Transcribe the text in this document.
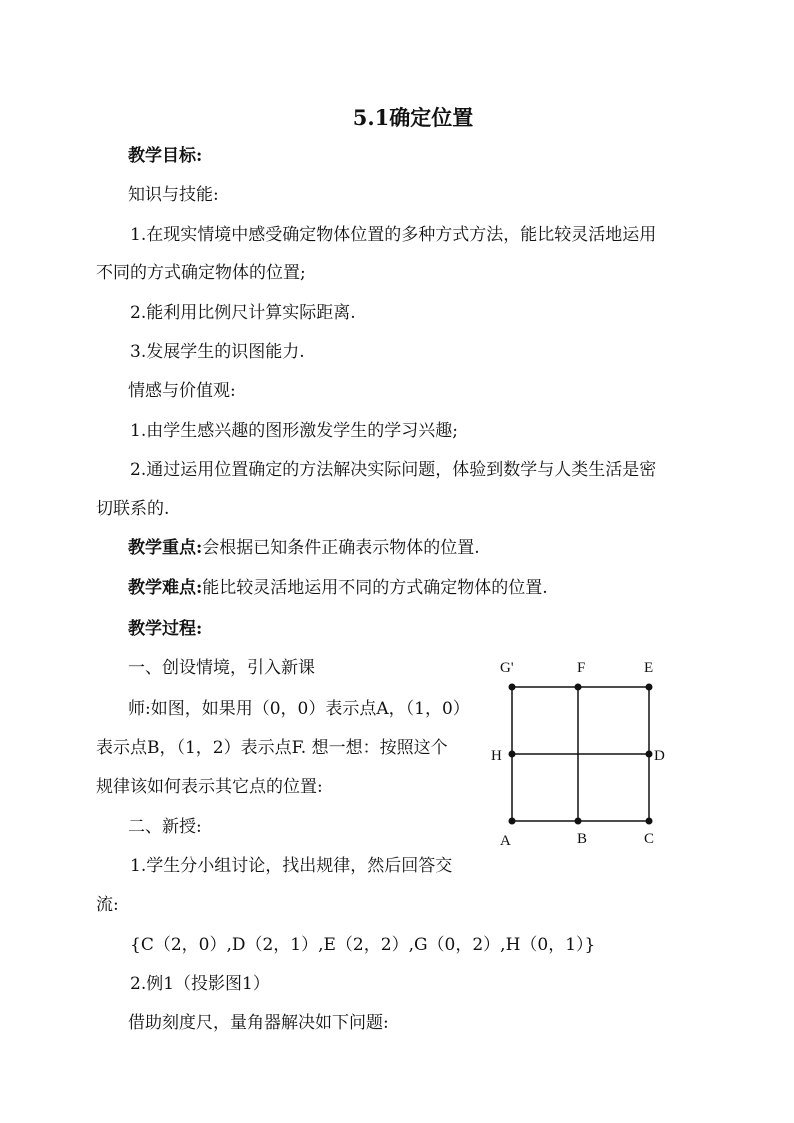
5.1确定位置
教学目标:
知识与技能:
1.在现实情境中感受确定物体位置的多种方式方法，能比较灵活地运用
不同的方式确定物体的位置;
2.能利用比例尺计算实际距离.
3.发展学生的识图能力.
情感与价值观:
1.由学生感兴趣的图形激发学生的学习兴趣;
2.通过运用位置确定的方法解决实际问题，体验到数学与人类生活是密
切联系的.
教学重点:会根据已知条件正确表示物体的位置.
教学难点:能比较灵活地运用不同的方式确定物体的位置.
教学过程:
一、创设情境，引入新课
师:如图，如果用（0，0）表示点A，（1，0）
表示点B，（1，2）表示点F. 想一想：按照这个
规律该如何表示其它点的位置:
二、新授:
1.学生分小组讨论，找出规律，然后回答交
流:
{C（2，0）,D（2，1）,E（2，2）,G（0，2）,H（0，1）}
2.例1（投影图1）
借助刻度尺，量角器解决如下问题:
G'	F	E
H	D
A	B	C
